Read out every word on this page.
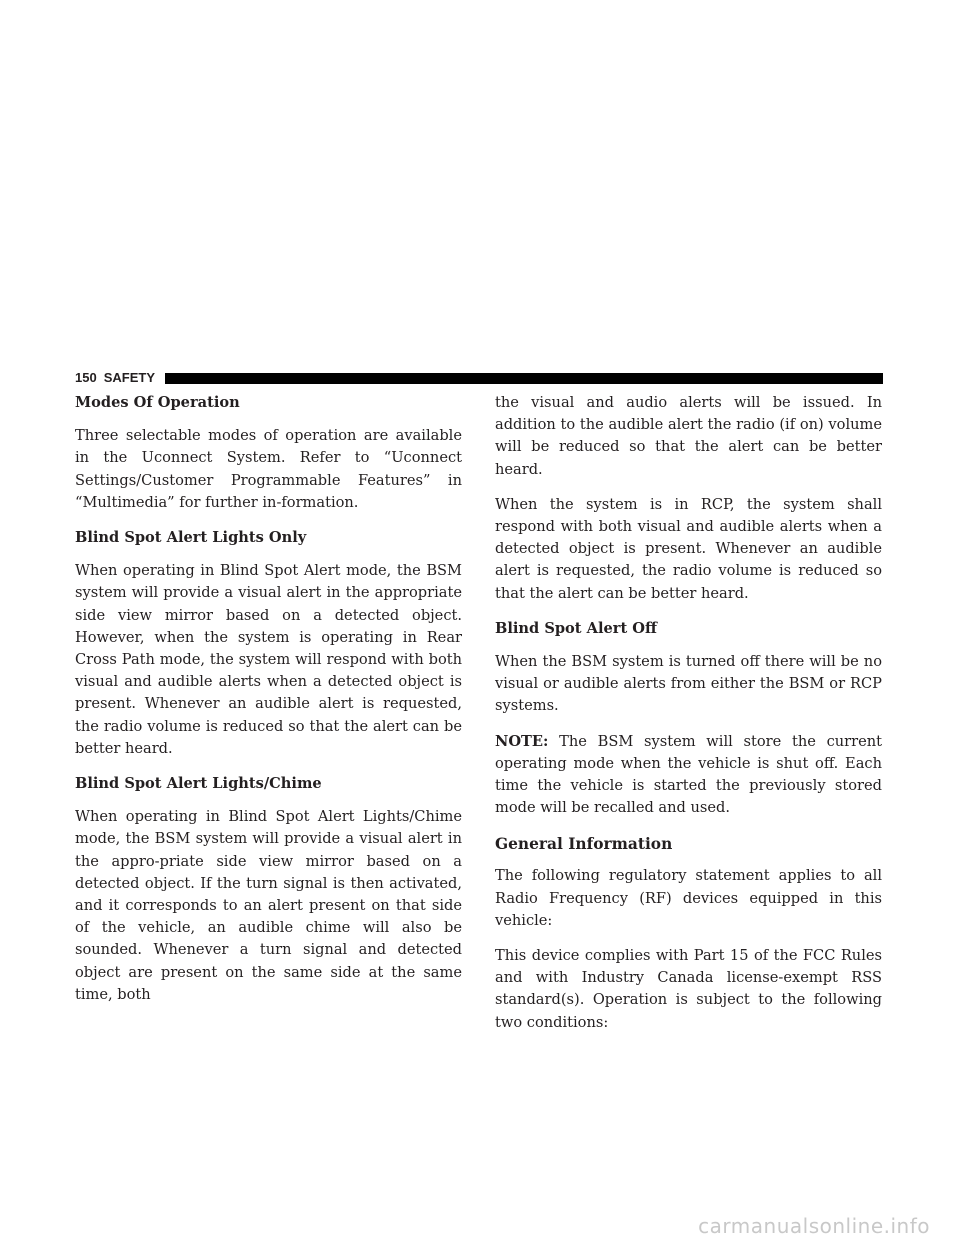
150 SAFETY
Modes Of Operation

Three selectable modes of operation are available in the Uconnect System. Refer to “Uconnect Settings/Customer Programmable Features” in “Multimedia” for further in-formation.

Blind Spot Alert Lights Only

When operating in Blind Spot Alert mode, the BSM system will provide a visual alert in the appropriate side view mirror based on a detected object. However, when the system is operating in Rear Cross Path mode, the system will respond with both visual and audible alerts when a detected object is present. Whenever an audible alert is requested, the radio volume is reduced so that the alert can be better heard.

Blind Spot Alert Lights/Chime

When operating in Blind Spot Alert Lights/Chime mode, the BSM system will provide a visual alert in the appro-priate side view mirror based on a detected object. If the turn signal is then activated, and it corresponds to an alert present on that side of the vehicle, an audible chime will also be sounded. Whenever a turn signal and detected object are present on the same side at the same time, both

the visual and audio alerts will be issued. In addition to the audible alert the radio (if on) volume will be reduced so that the alert can be better heard.

When the system is in RCP, the system shall respond with both visual and audible alerts when a detected object is present. Whenever an audible alert is requested, the radio volume is reduced so that the alert can be better heard.

Blind Spot Alert Off

When the BSM system is turned off there will be no visual or audible alerts from either the BSM or RCP systems.

NOTE: The BSM system will store the current operating mode when the vehicle is shut off. Each time the vehicle is started the previously stored mode will be recalled and used.

General Information

The following regulatory statement applies to all Radio Frequency (RF) devices equipped in this vehicle:

This device complies with Part 15 of the FCC Rules and with Industry Canada license-exempt RSS standard(s). Operation is subject to the following two conditions:

carmanualsonline.info
